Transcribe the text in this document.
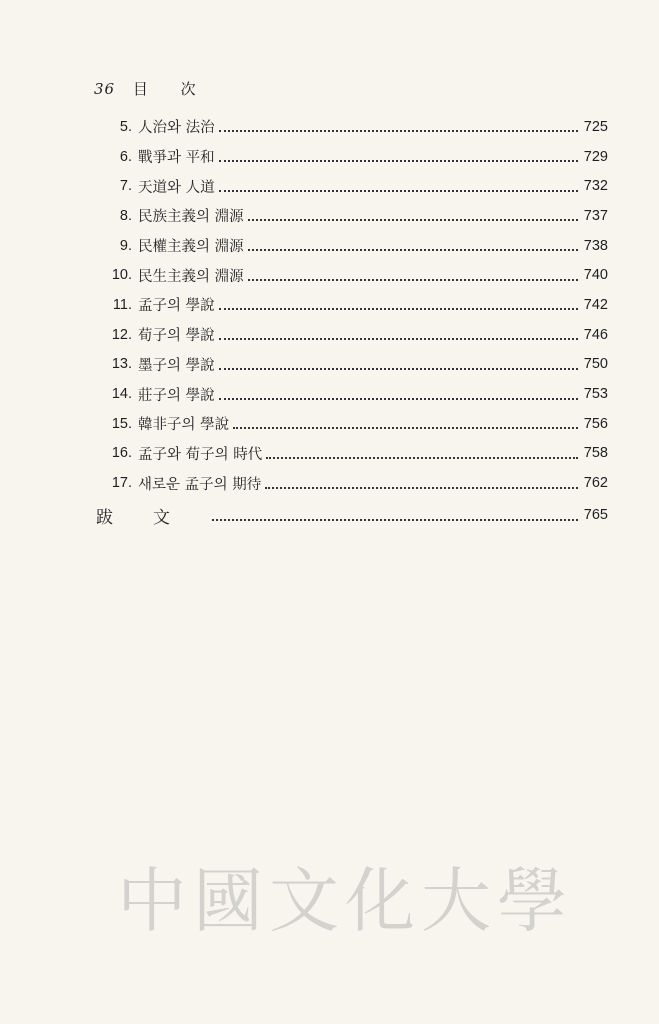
36 目 次
5. 人治와 法治	725
6. 戰爭과 平和	729
7. 天道와 人道	732
8. 民族主義의 淵源	737
9. 民權主義의 淵源	738
10. 民生主義의 淵源	740
11. 孟子의 學說	742
12. 荀子의 學說	746
13. 墨子의 學說	750
14. 莊子의 學說	753
15. 韓非子의 學說	756
16. 孟子와 荀子의 時代	758
17. 새로운 孟子의 期待	762
跋文	765
中國文化大學
